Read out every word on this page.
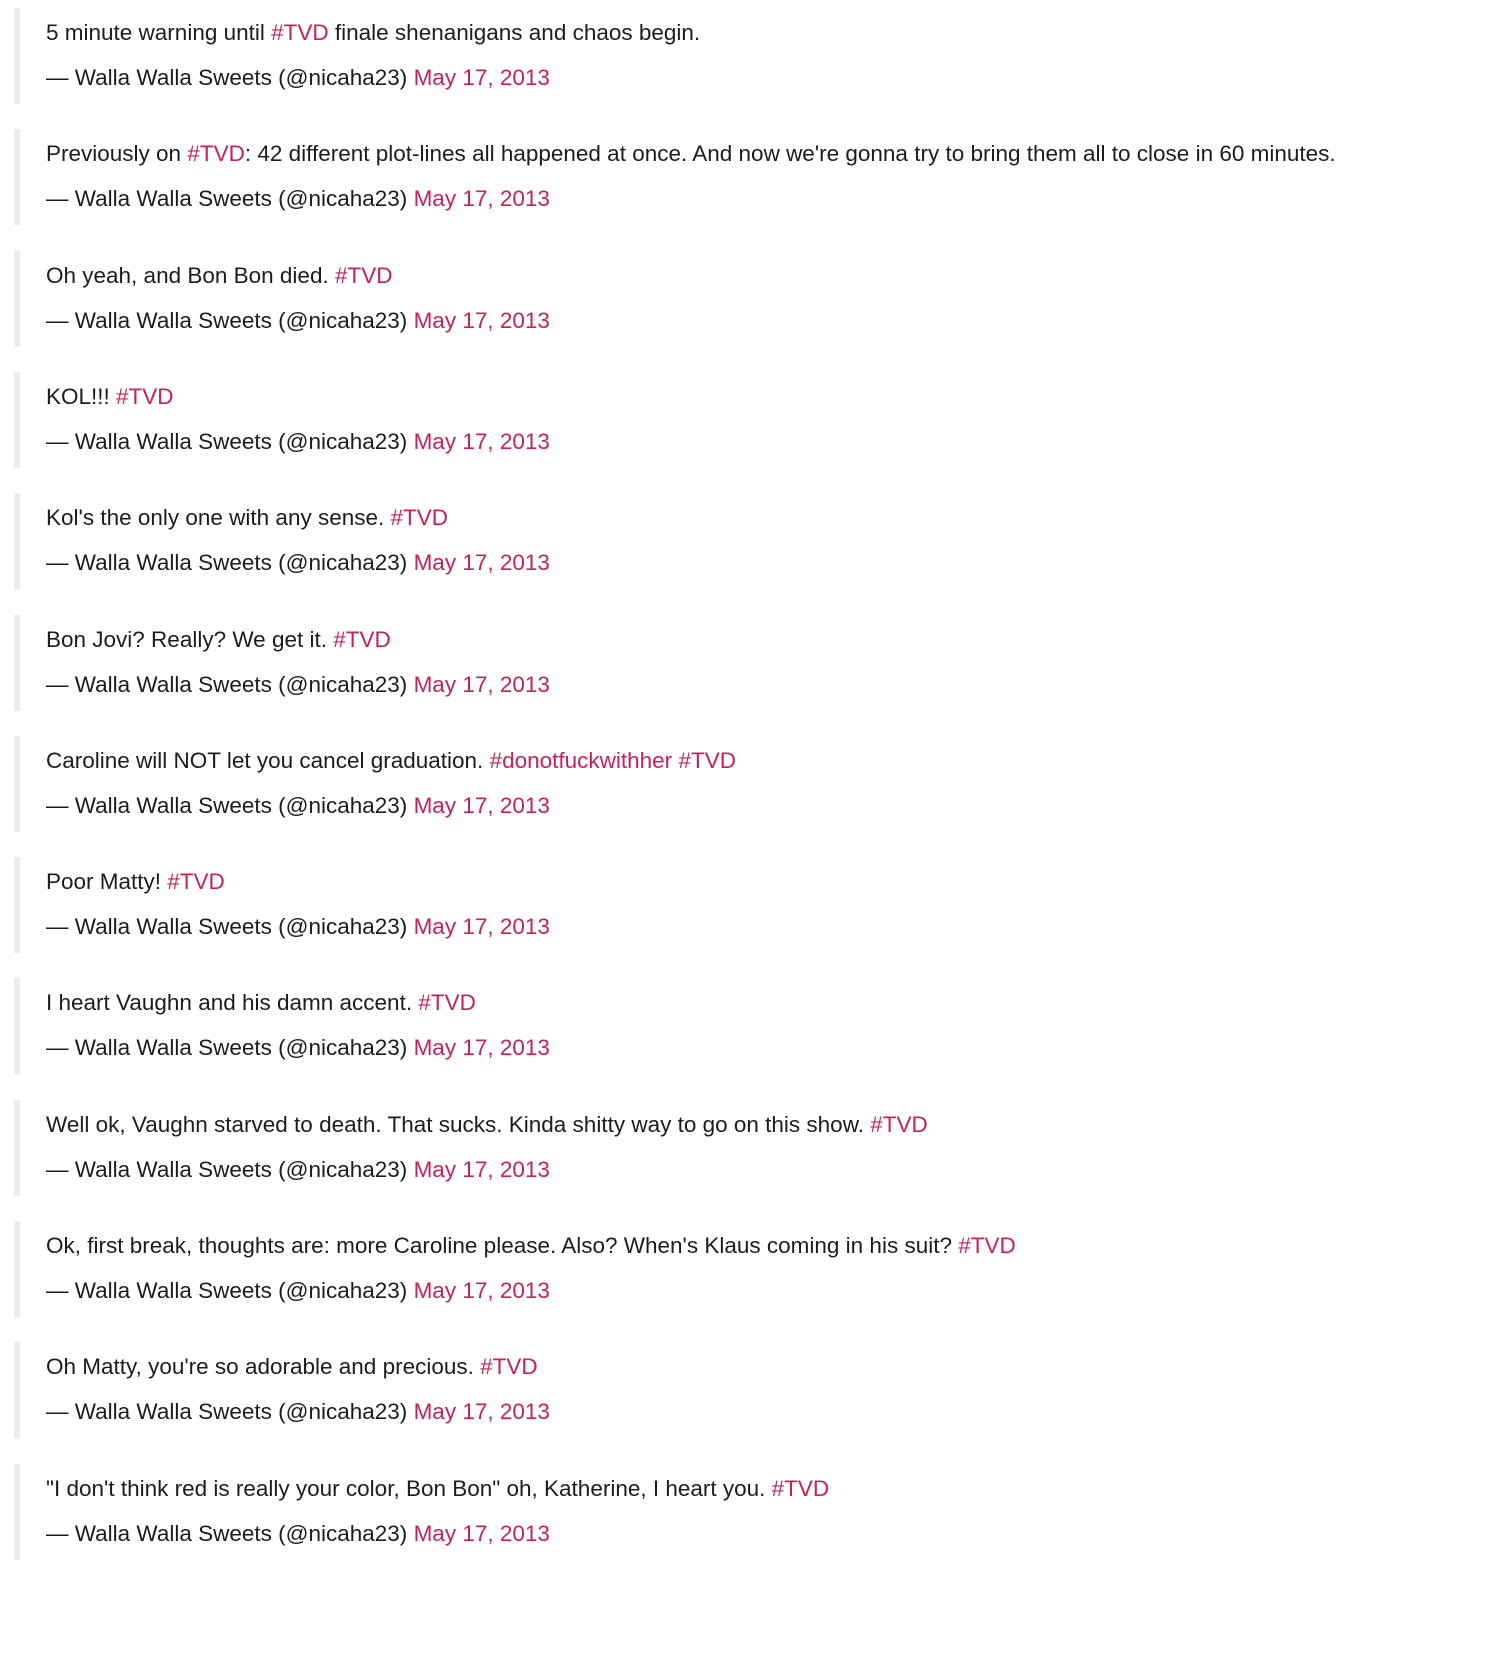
5 minute warning until #TVD finale shenanigans and chaos begin.

— Walla Walla Sweets (@nicaha23) May 17, 2013

Previously on #TVD: 42 different plot-lines all happened at once. And now we're gonna try to bring them all to close in 60 minutes.

— Walla Walla Sweets (@nicaha23) May 17, 2013

Oh yeah, and Bon Bon died. #TVD

— Walla Walla Sweets (@nicaha23) May 17, 2013

KOL!!! #TVD

— Walla Walla Sweets (@nicaha23) May 17, 2013

Kol's the only one with any sense. #TVD

— Walla Walla Sweets (@nicaha23) May 17, 2013

Bon Jovi? Really? We get it. #TVD

— Walla Walla Sweets (@nicaha23) May 17, 2013

Caroline will NOT let you cancel graduation. #donotfuckwithher #TVD

— Walla Walla Sweets (@nicaha23) May 17, 2013

Poor Matty! #TVD

— Walla Walla Sweets (@nicaha23) May 17, 2013

I heart Vaughn and his damn accent. #TVD

— Walla Walla Sweets (@nicaha23) May 17, 2013

Well ok, Vaughn starved to death. That sucks. Kinda shitty way to go on this show. #TVD

— Walla Walla Sweets (@nicaha23) May 17, 2013

Ok, first break, thoughts are: more Caroline please. Also? When's Klaus coming in his suit? #TVD

— Walla Walla Sweets (@nicaha23) May 17, 2013

Oh Matty, you're so adorable and precious. #TVD

— Walla Walla Sweets (@nicaha23) May 17, 2013

"I don't think red is really your color, Bon Bon" oh, Katherine, I heart you. #TVD

— Walla Walla Sweets (@nicaha23) May 17, 2013
